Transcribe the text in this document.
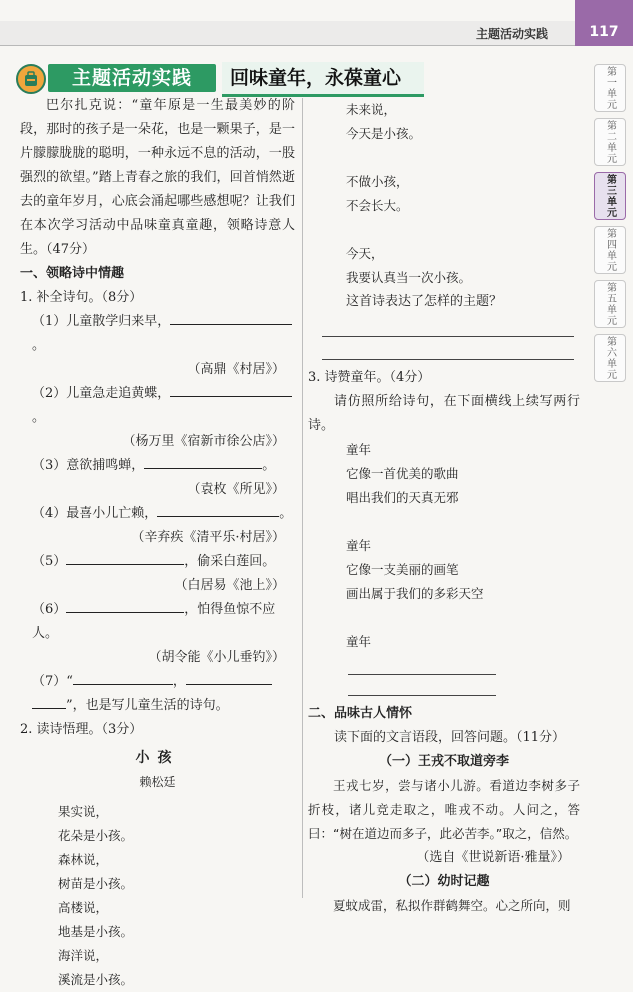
主题活动实践	117
主题活动实践	回味童年，永葆童心

巴尔扎克说：“童年原是一生最美妙的阶段，那时的孩子是一朵花，也是一颗果子，是一片朦朦胧胧的聪明，一种永远不息的活动，一股强烈的欲望。”踏上青春之旅的我们，回首悄然逝去的童年岁月，心底会涌起哪些感想呢？让我们在本次学习活动中品味童真童趣，领略诗意人生。（47分）

一、领略诗中情趣

1. 补全诗句。（8分）

（1）儿童散学归来早，。

（高鼎《村居》）

（2）儿童急走追黄蝶，。

（杨万里《宿新市徐公店》）

（3）意欲捕鸣蝉，	。

（袁枚《所见》）

（4）最喜小儿亡赖，	。

（辛弃疾《清平乐·村居》）

（5）	，偷采白莲回。

（白居易《池上》）

（6）	，怕得鱼惊不应人。

（胡令能《小儿垂钓》）

（7）“	，

”，也是写儿童生活的诗句。

2. 读诗悟理。（3分）

小孩

赖松廷

果实说，

花朵是小孩。

森林说，

树苗是小孩。

高楼说，

地基是小孩。

海洋说，

溪流是小孩。

未来说，

今天是小孩。

不做小孩，

不会长大。

今天，

我要认真当一次小孩。

这首诗表达了怎样的主题？

3. 诗赞童年。（4分）

请仿照所给诗句，在下面横线上续写两行诗。

童年

它像一首优美的歌曲

唱出我们的天真无邪

童年

它像一支美丽的画笔

画出属于我们的多彩天空

童年

二、品味古人情怀

读下面的文言语段，回答问题。（11分）

（一）王戎不取道旁李

王戎七岁，尝与诸小儿游。看道边李树多子折枝，诸儿竞走取之，唯戎不动。人问之，答曰：“树在道边而多子，此必苦李。”取之，信然。

（选自《世说新语·雅量》）

（二）幼时记趣

夏蚊成雷，私拟作群鹤舞空。心之所向，则

第一单元
第二单元
第三单元
第四单元
第五单元
第六单元
